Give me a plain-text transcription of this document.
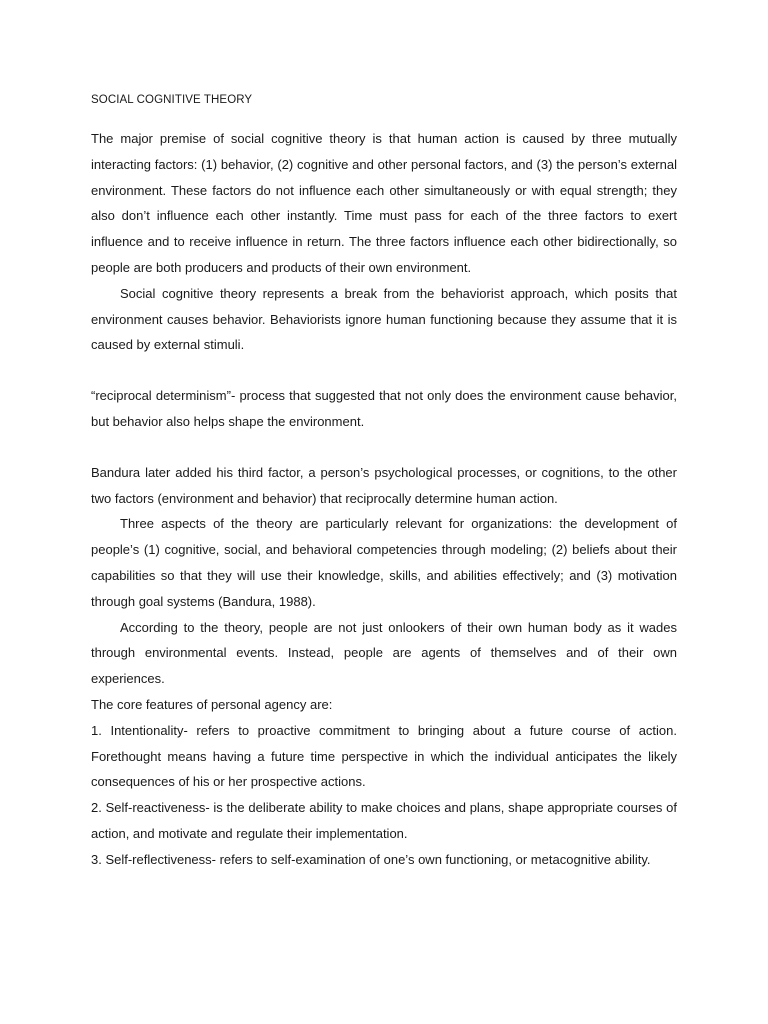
SOCIAL COGNITIVE THEORY

The major premise of social cognitive theory is that human action is caused by three mutually interacting factors: (1) behavior, (2) cognitive and other personal factors, and (3) the person’s external environment. These factors do not influence each other simultaneously or with equal strength; they also don’t influence each other instantly. Time must pass for each of the three factors to exert influence and to receive influence in return. The three factors influence each other bidirectionally, so people are both producers and products of their own environment.

Social cognitive theory represents a break from the behaviorist approach, which posits that environment causes behavior. Behaviorists ignore human functioning because they assume that it is caused by external stimuli.

“reciprocal determinism”- process that suggested that not only does the environment cause behavior, but behavior also helps shape the environment.

Bandura later added his third factor, a person’s psychological processes, or cognitions, to the other two factors (environment and behavior) that reciprocally determine human action.

Three aspects of the theory are particularly relevant for organizations: the development of people’s (1) cognitive, social, and behavioral competencies through modeling; (2) beliefs about their capabilities so that they will use their knowledge, skills, and abilities effectively; and (3) motivation through goal systems (Bandura, 1988).

According to the theory, people are not just onlookers of their own human body as it wades through environmental events. Instead, people are agents of themselves and of their own experiences.

The core features of personal agency are:

1. Intentionality- refers to proactive commitment to bringing about a future course of action. Forethought means having a future time perspective in which the individual anticipates the likely consequences of his or her prospective actions.

2. Self-reactiveness- is the deliberate ability to make choices and plans, shape appropriate courses of action, and motivate and regulate their implementation.

3. Self-reflectiveness- refers to self-examination of one’s own functioning, or metacognitive ability.
